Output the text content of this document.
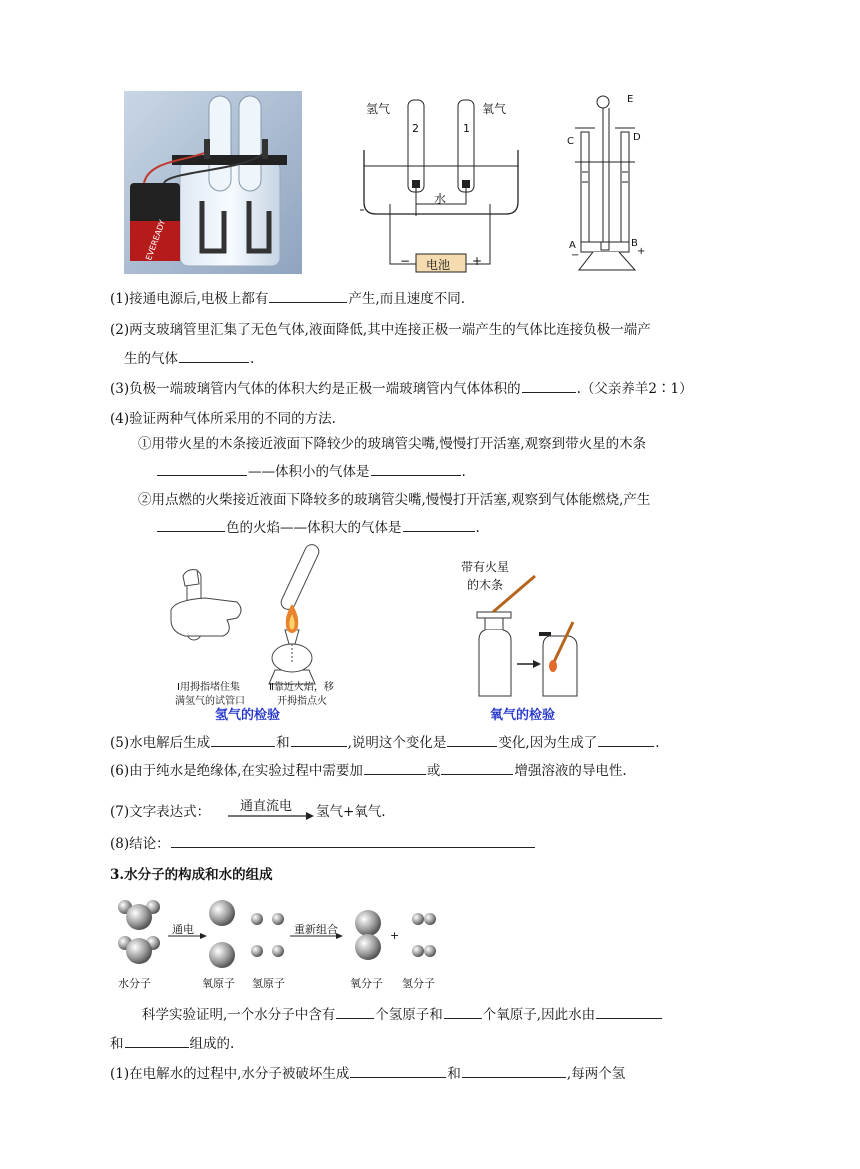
EVEREADY
氢气	氧气
2	1
水
电池
−	+
E
C	D
A	B
−	+
(1)接通电源后,电极上都有	产生,而且速度不同.
(2)两支玻璃管里汇集了无色气体,液面降低,其中连接正极一端产生的气体比连接负极一端产
生的气体	.
(3)负极一端玻璃管内气体的体积大约是正极一端玻璃管内气体体积的	.（父亲养羊2∶1）
(4)验证两种气体所采用的不同的方法.
①用带火星的木条接近液面下降较少的玻璃管尖嘴,慢慢打开活塞,观察到带火星的木条
——体积小的气体是	.
②用点燃的火柴接近液面下降较多的玻璃管尖嘴,慢慢打开活塞,观察到气体能燃烧,产生
色的火焰——体积大的气体是	.
Ⅰ用拇指堵住集
满氢气的试管口
Ⅱ靠近火焰，移
开拇指点火
带有火星
的木条
氢气的检验	氧气的检验
(5)水电解后生成	和	,说明这个变化是	变化,因为生成了	.
(6)由于纯水是绝缘体,在实验过程中需要加	或	增强溶液的导电性.
(7)文字表达式： 通直流电 氢气+氧气.
(8)结论：
3.水分子的构成和水的组成
通电	重新组合	+
水分子	氧原子 氢原子	氧分子 氢分子
科学实验证明,一个水分子中含有	个氢原子和	个氧原子,因此水由
和	组成的.
(1)在电解水的过程中,水分子被破坏生成	和	,每两个氢
